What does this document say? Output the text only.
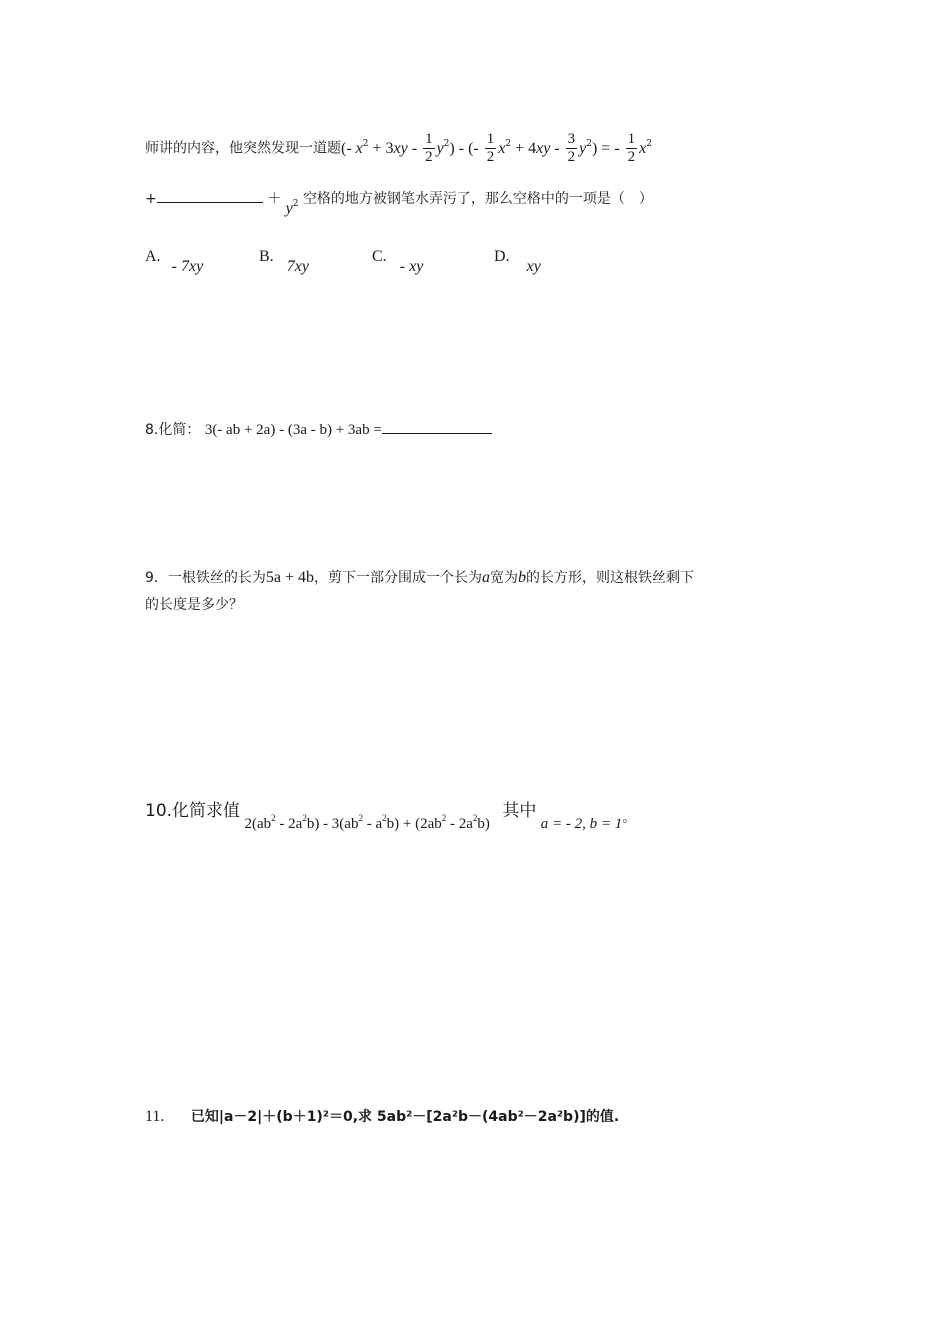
师讲的内容，他突然发现一道题(- $x^2 + 3xy - \frac{1}{2} y^2$) - (- $\frac{1}{2} x^2 + 4xy - \frac{3}{2} y^2$) = - $\frac{1}{2} x^2$
+	＋ $y^2$ 空格的地方被钢笔水弄污了，那么空格中的一项是（　）
A. - 7xy
B. 7xy
C. - xy
D. xy
8.化简： 3(- ab + 2a) - (3a - b) + 3ab =
9．一根铁丝的长为5a + 4b，剪下一部分围成一个长为a宽为b的长方形，则这根铁丝剩下
的长度是多少？
10.化简求值 $2(ab^2 - 2a^2b) - 3(ab^2 - a^2b) + (2ab^2 - 2a^2b)$ 其中 a = - 2, b = 1。
11. 已知|a－2|＋(b＋1)²＝0,求 5ab²－[2a²b－(4ab²－2a²b)]的值.
